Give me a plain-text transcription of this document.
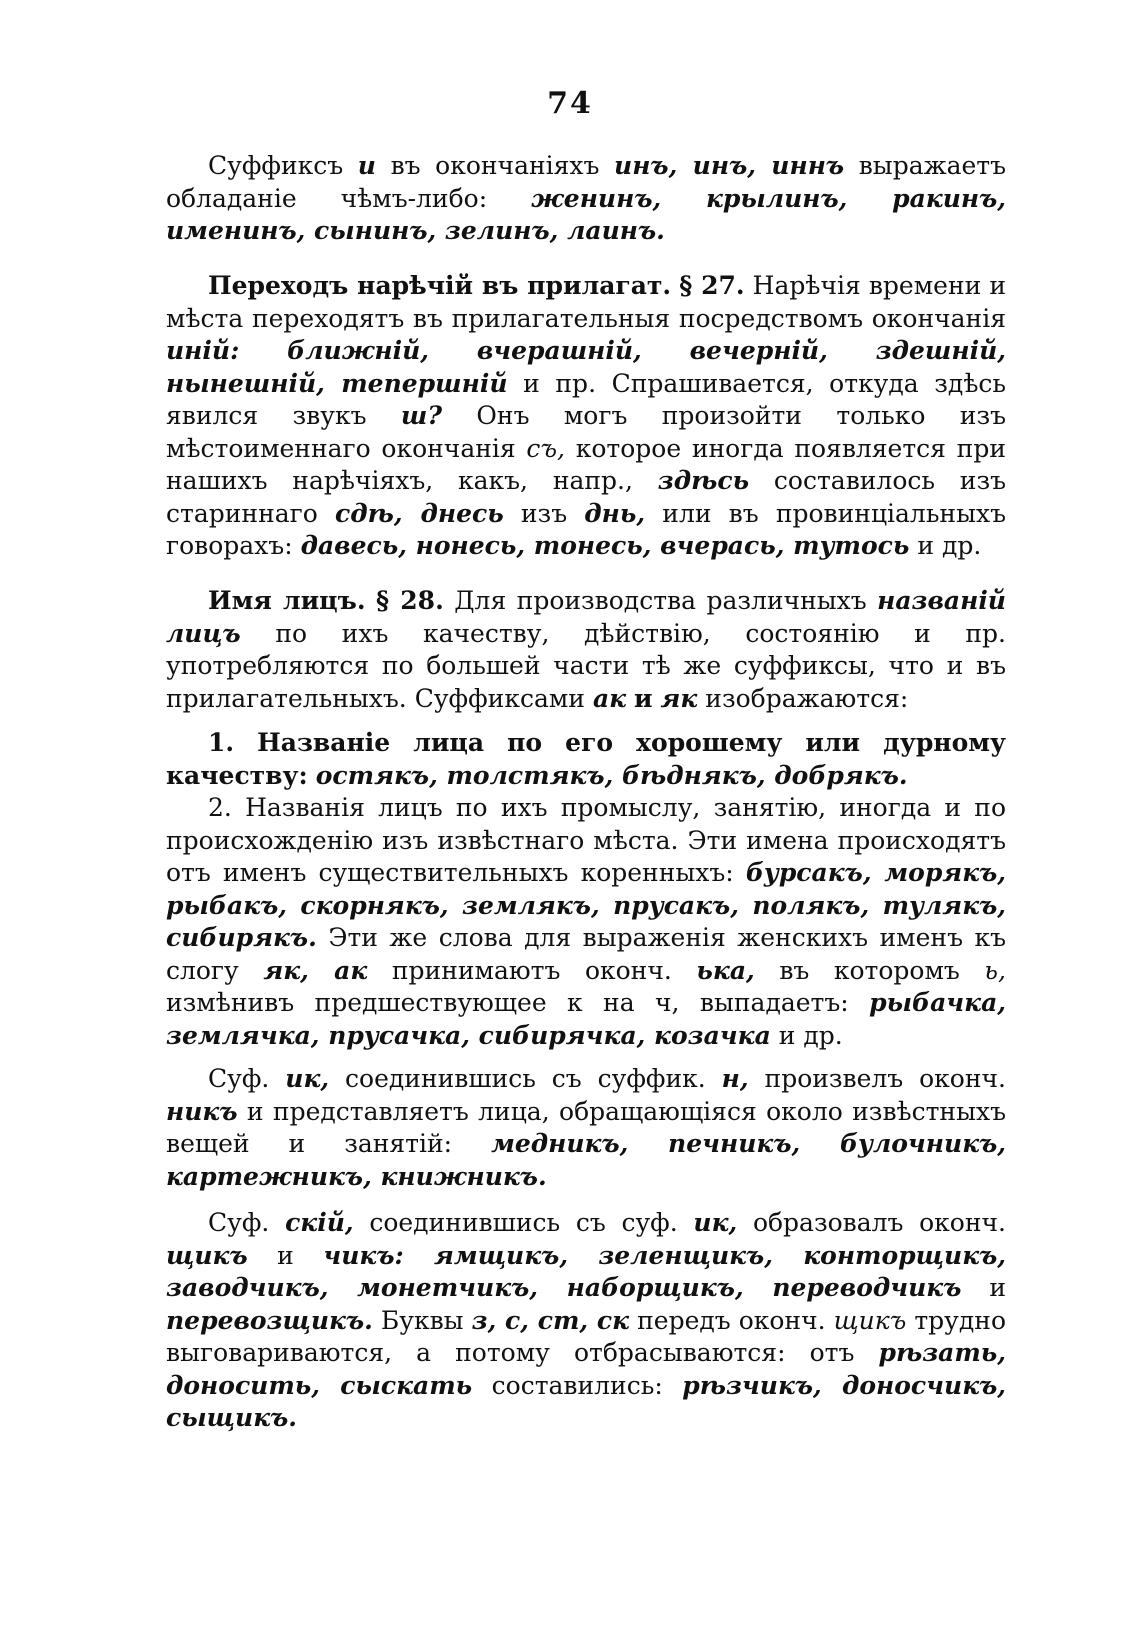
74

Суффиксъ и въ окончаніяхъ инъ, инъ, иннъ выражаетъ обладаніе чѣмъ-либо: женинъ, крылинъ, ракинъ, именинъ, сынинъ, зелинъ, лаинъ.

Переходъ нарѣчій въ прилагат. § 27. Нарѣчія времени и мѣста переходятъ въ прилагательныя посредствомъ окончанія иній: ближній, вчерашній, вечерній, здешній, нынешній, тепершній и пр. Спрашивается, откуда здѣсь явился звукъ ш? Онъ могъ произойти только изъ мѣстоименнаго окончанія съ, которое иногда появляется при нашихъ нарѣчіяхъ, какъ, напр., здѣсь составилось изъ стариннаго сдѣ, днесь изъ днь, или въ провинціальныхъ говорахъ: давесь, нонесь, тонесь, вчерась, тутось и др.

Имя лицъ. § 28. Для производства различныхъ названій лицъ по ихъ качеству, дѣйствію, состоянію и пр. употребляются по большей части тѣ же суффиксы, что и въ прилагательныхъ. Суффиксами ак и як изображаются:

1. Названіе лица по его хорошему или дурному качеству: остякъ, толстякъ, бѣднякъ, добрякъ.

2. Названія лицъ по ихъ промыслу, занятію, иногда и по происхожденію изъ извѣстнаго мѣста. Эти имена происходятъ отъ именъ существительныхъ коренныхъ: бурсакъ, морякъ, рыбакъ, скорнякъ, землякъ, прусакъ, полякъ, тулякъ, сибирякъ. Эти же слова для выраженія женскихъ именъ къ слогу як, ак принимаютъ оконч. ька, въ которомъ ь, измѣнивъ предшествующее к на ч, выпадаетъ: рыбачка, землячка, прусачка, сибирячка, козачка и др.

Суф. ик, соединившись съ суффик. н, произвелъ оконч. никъ и представляетъ лица, обращающіяся около извѣстныхъ вещей и занятій: медникъ, печникъ, булочникъ, картежникъ, книжникъ.

Суф. скій, соединившись съ суф. ик, образовалъ оконч. щикъ и чикъ: ямщикъ, зеленщикъ, конторщикъ, заводчикъ, монетчикъ, наборщикъ, переводчикъ и перевозщикъ. Буквы з, с, ст, ск передъ оконч. щикъ трудно выговариваются, а потому отбрасываются: отъ рѣзать, доносить, сыскать составились: рѣзчикъ, доносчикъ, сыщикъ.
